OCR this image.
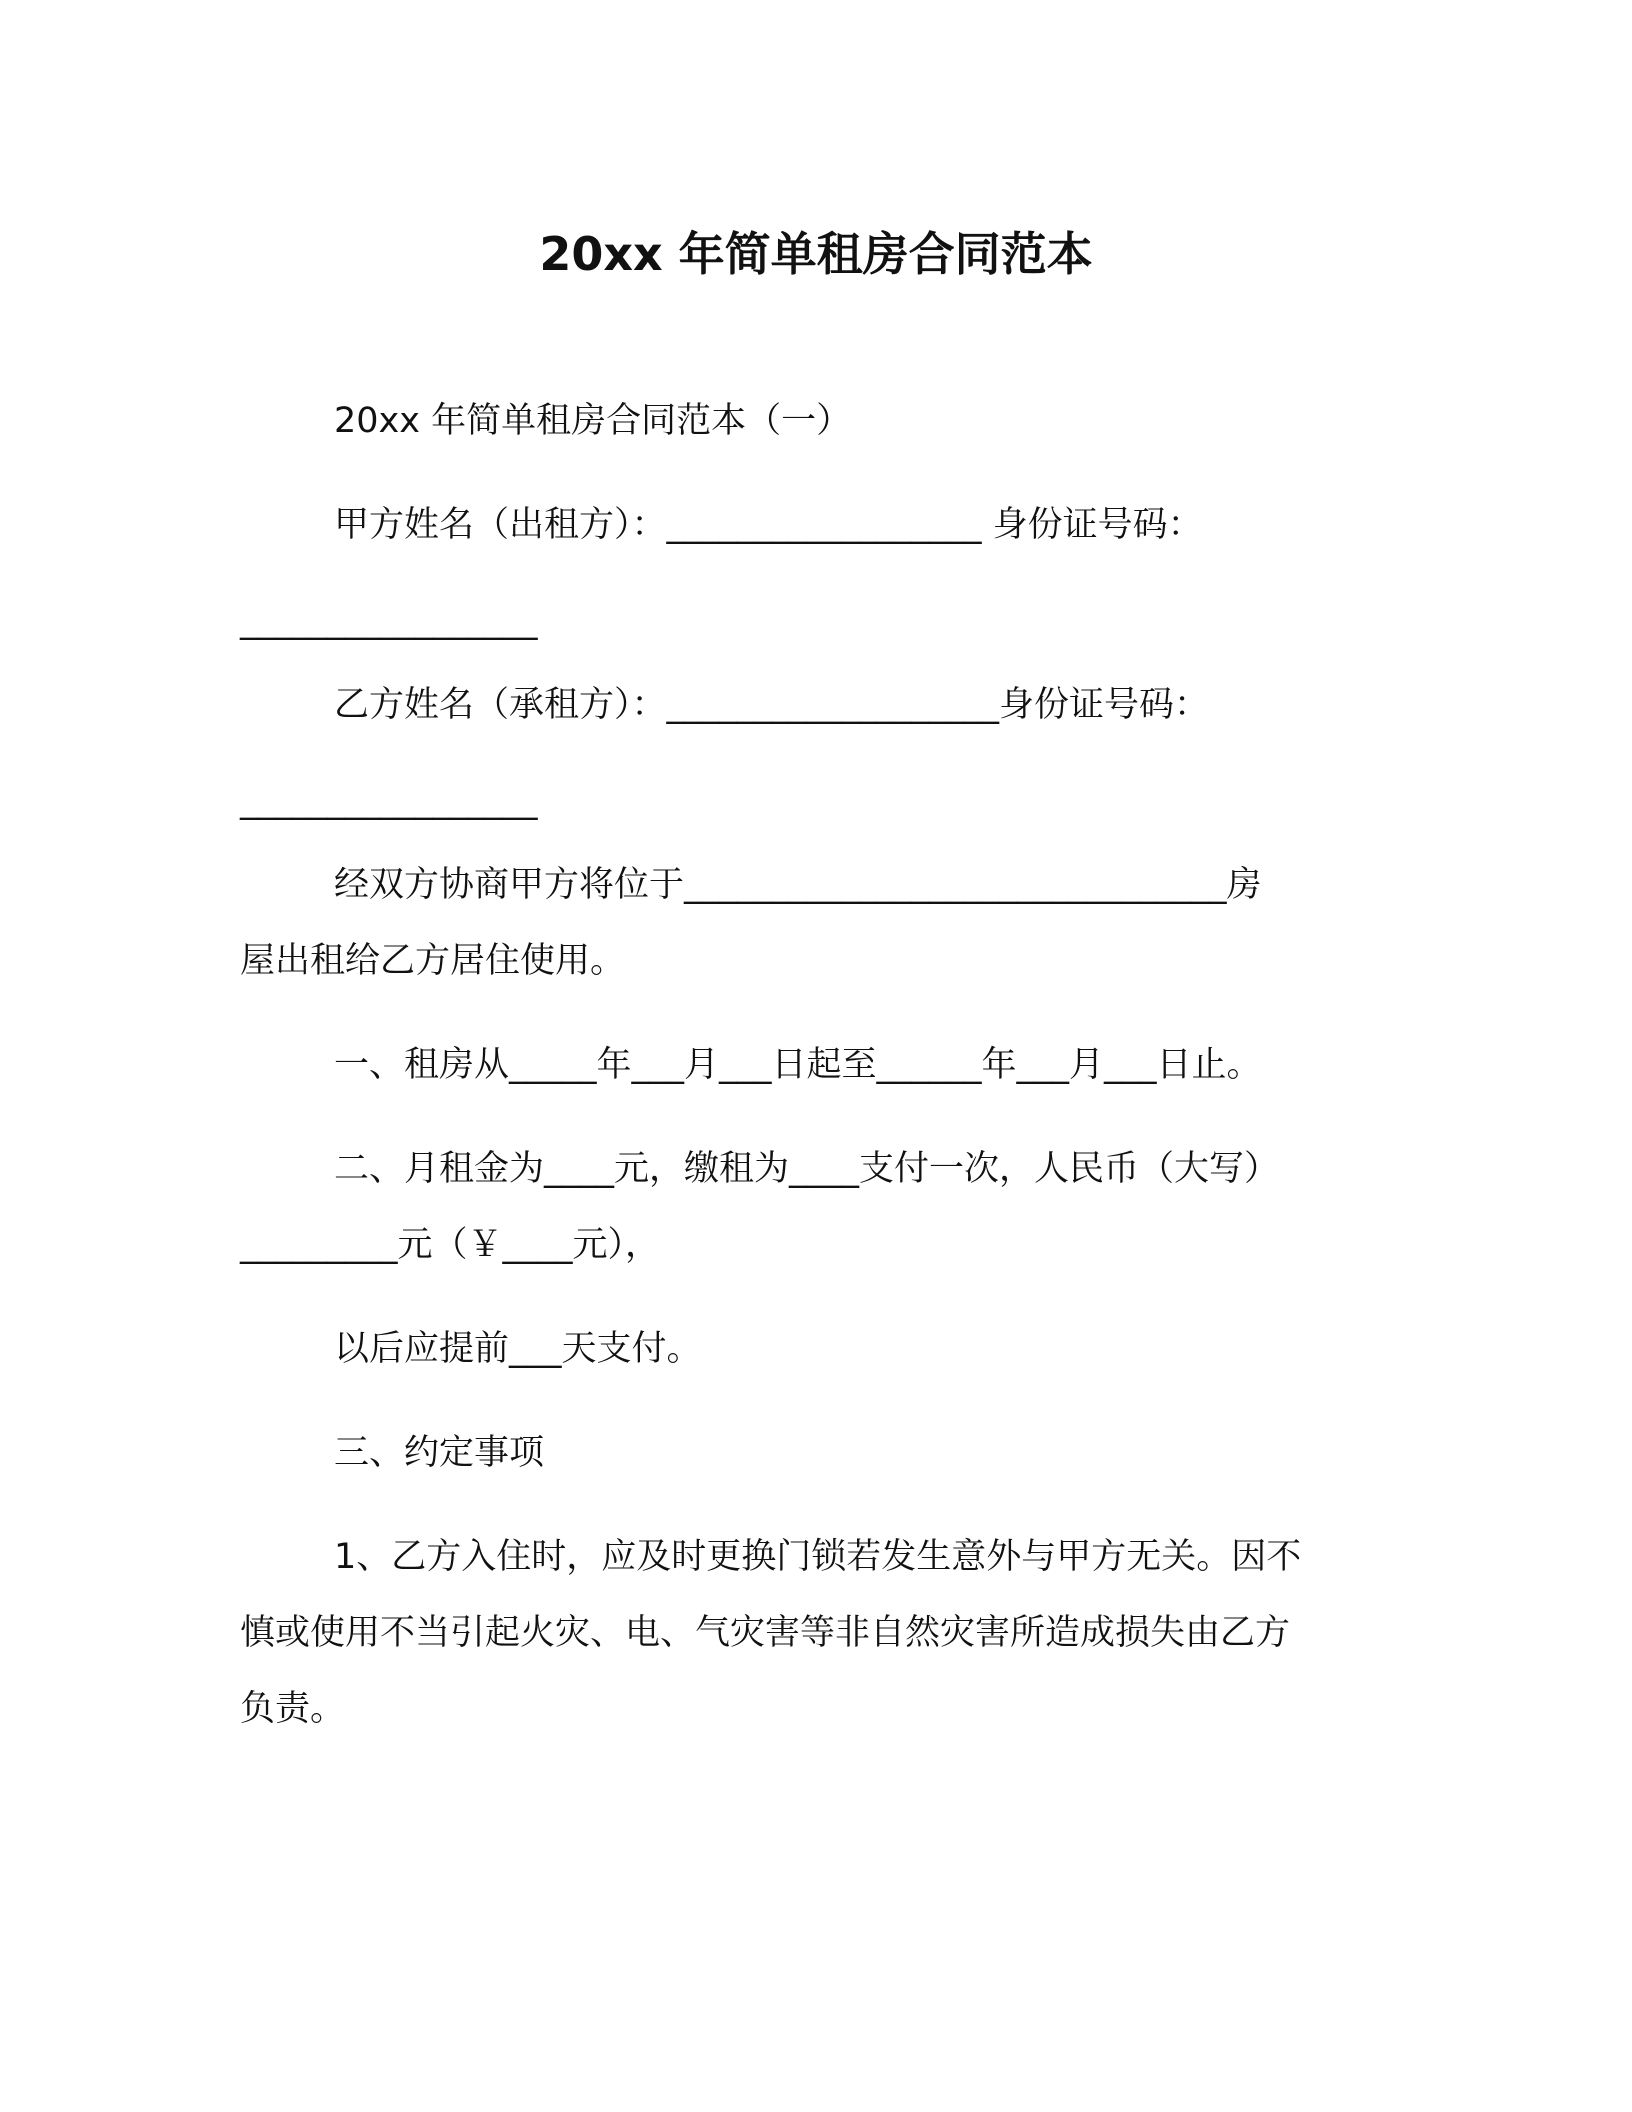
20xx 年简单租房合同范本
20xx 年简单租房合同范本（一）
甲方姓名（出租方）：__________________ 身份证号码：
_________________
乙方姓名（承租方）：___________________身份证号码：
_________________
经双方协商甲方将位于_______________________________房
屋出租给乙方居住使用。
一、租房从_____年___月___日起至______年___月___日止。
二、月租金为____元，缴租为____支付一次，人民币（大写）
_________元（￥____元），
以后应提前___天支付。
三、约定事项
1、乙方入住时，应及时更换门锁若发生意外与甲方无关。因不
慎或使用不当引起火灾、电、气灾害等非自然灾害所造成损失由乙方
负责。
